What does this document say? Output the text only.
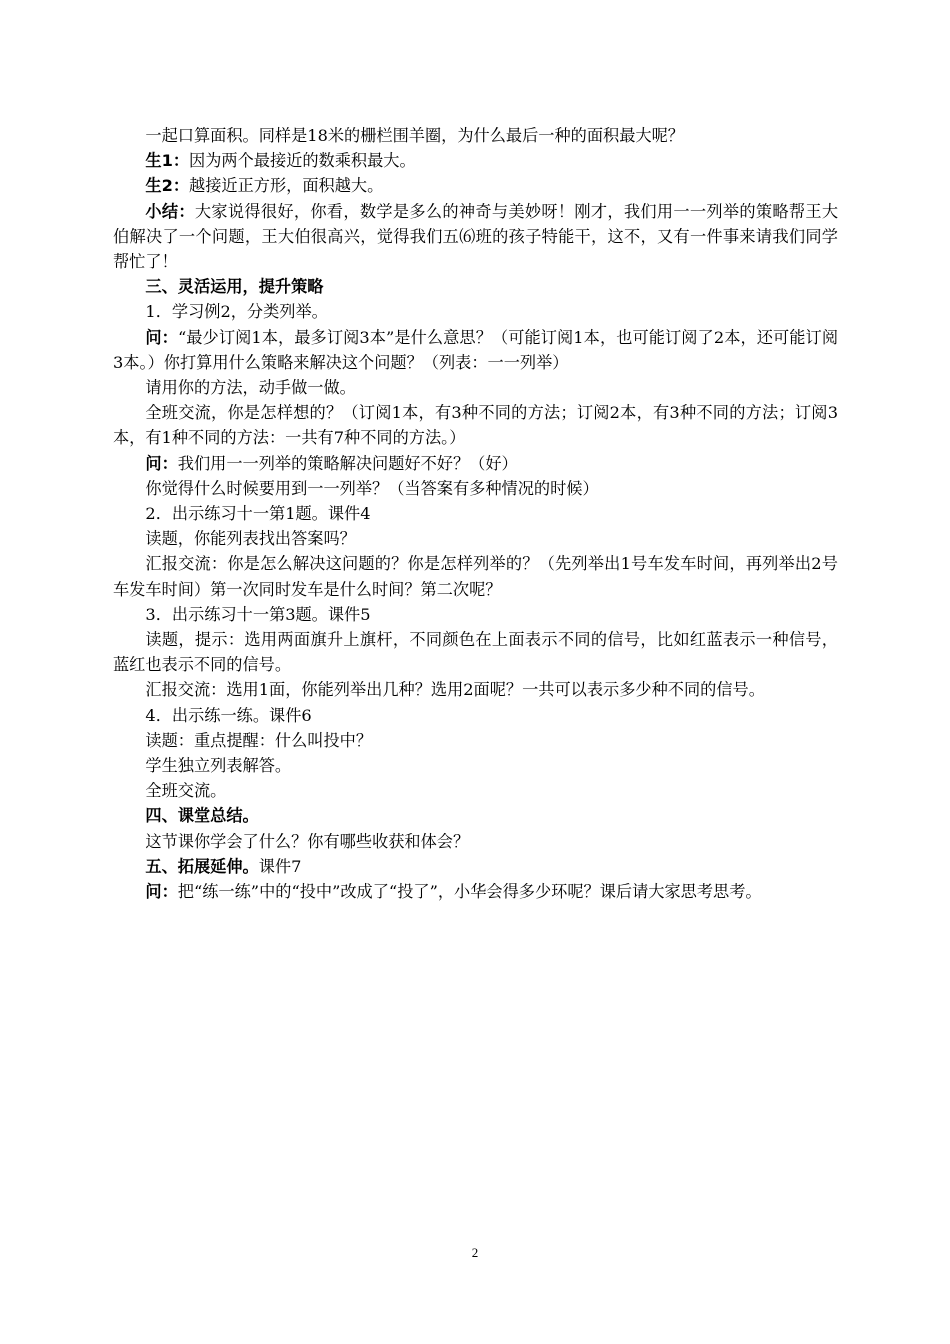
一起口算面积。同样是18米的栅栏围羊圈，为什么最后一种的面积最大呢？

生1：因为两个最接近的数乘积最大。

生2：越接近正方形，面积越大。

小结：大家说得很好，你看，数学是多么的神奇与美妙呀！刚才，我们用一一列举的策略帮王大伯解决了一个问题，王大伯很高兴，觉得我们五⑹班的孩子特能干，这不，又有一件事来请我们同学帮忙了！

三、灵活运用，提升策略

1．学习例2，分类列举。

问：“最少订阅1本，最多订阅3本”是什么意思？（可能订阅1本，也可能订阅了2本，还可能订阅3本。）你打算用什么策略来解决这个问题？（列表：一一列举）

请用你的方法，动手做一做。

全班交流，你是怎样想的？（订阅1本，有3种不同的方法；订阅2本，有3种不同的方法；订阅3本，有1种不同的方法：一共有7种不同的方法。）

问：我们用一一列举的策略解决问题好不好？（好）

你觉得什么时候要用到一一列举？（当答案有多种情况的时候）

2．出示练习十一第1题。课件4

读题，你能列表找出答案吗？

汇报交流：你是怎么解决这问题的？你是怎样列举的？（先列举出1号车发车时间，再列举出2号车发车时间）第一次同时发车是什么时间？第二次呢？

3．出示练习十一第3题。课件5

读题，提示：选用两面旗升上旗杆，不同颜色在上面表示不同的信号，比如红蓝表示一种信号，蓝红也表示不同的信号。

汇报交流：选用1面，你能列举出几种？选用2面呢？一共可以表示多少种不同的信号。

4．出示练一练。课件6

读题：重点提醒：什么叫投中？

学生独立列表解答。

全班交流。

四、课堂总结。

这节课你学会了什么？你有哪些收获和体会？

五、拓展延伸。课件7

问：把“练一练”中的“投中”改成了“投了”，小华会得多少环呢？课后请大家思考思考。

2
